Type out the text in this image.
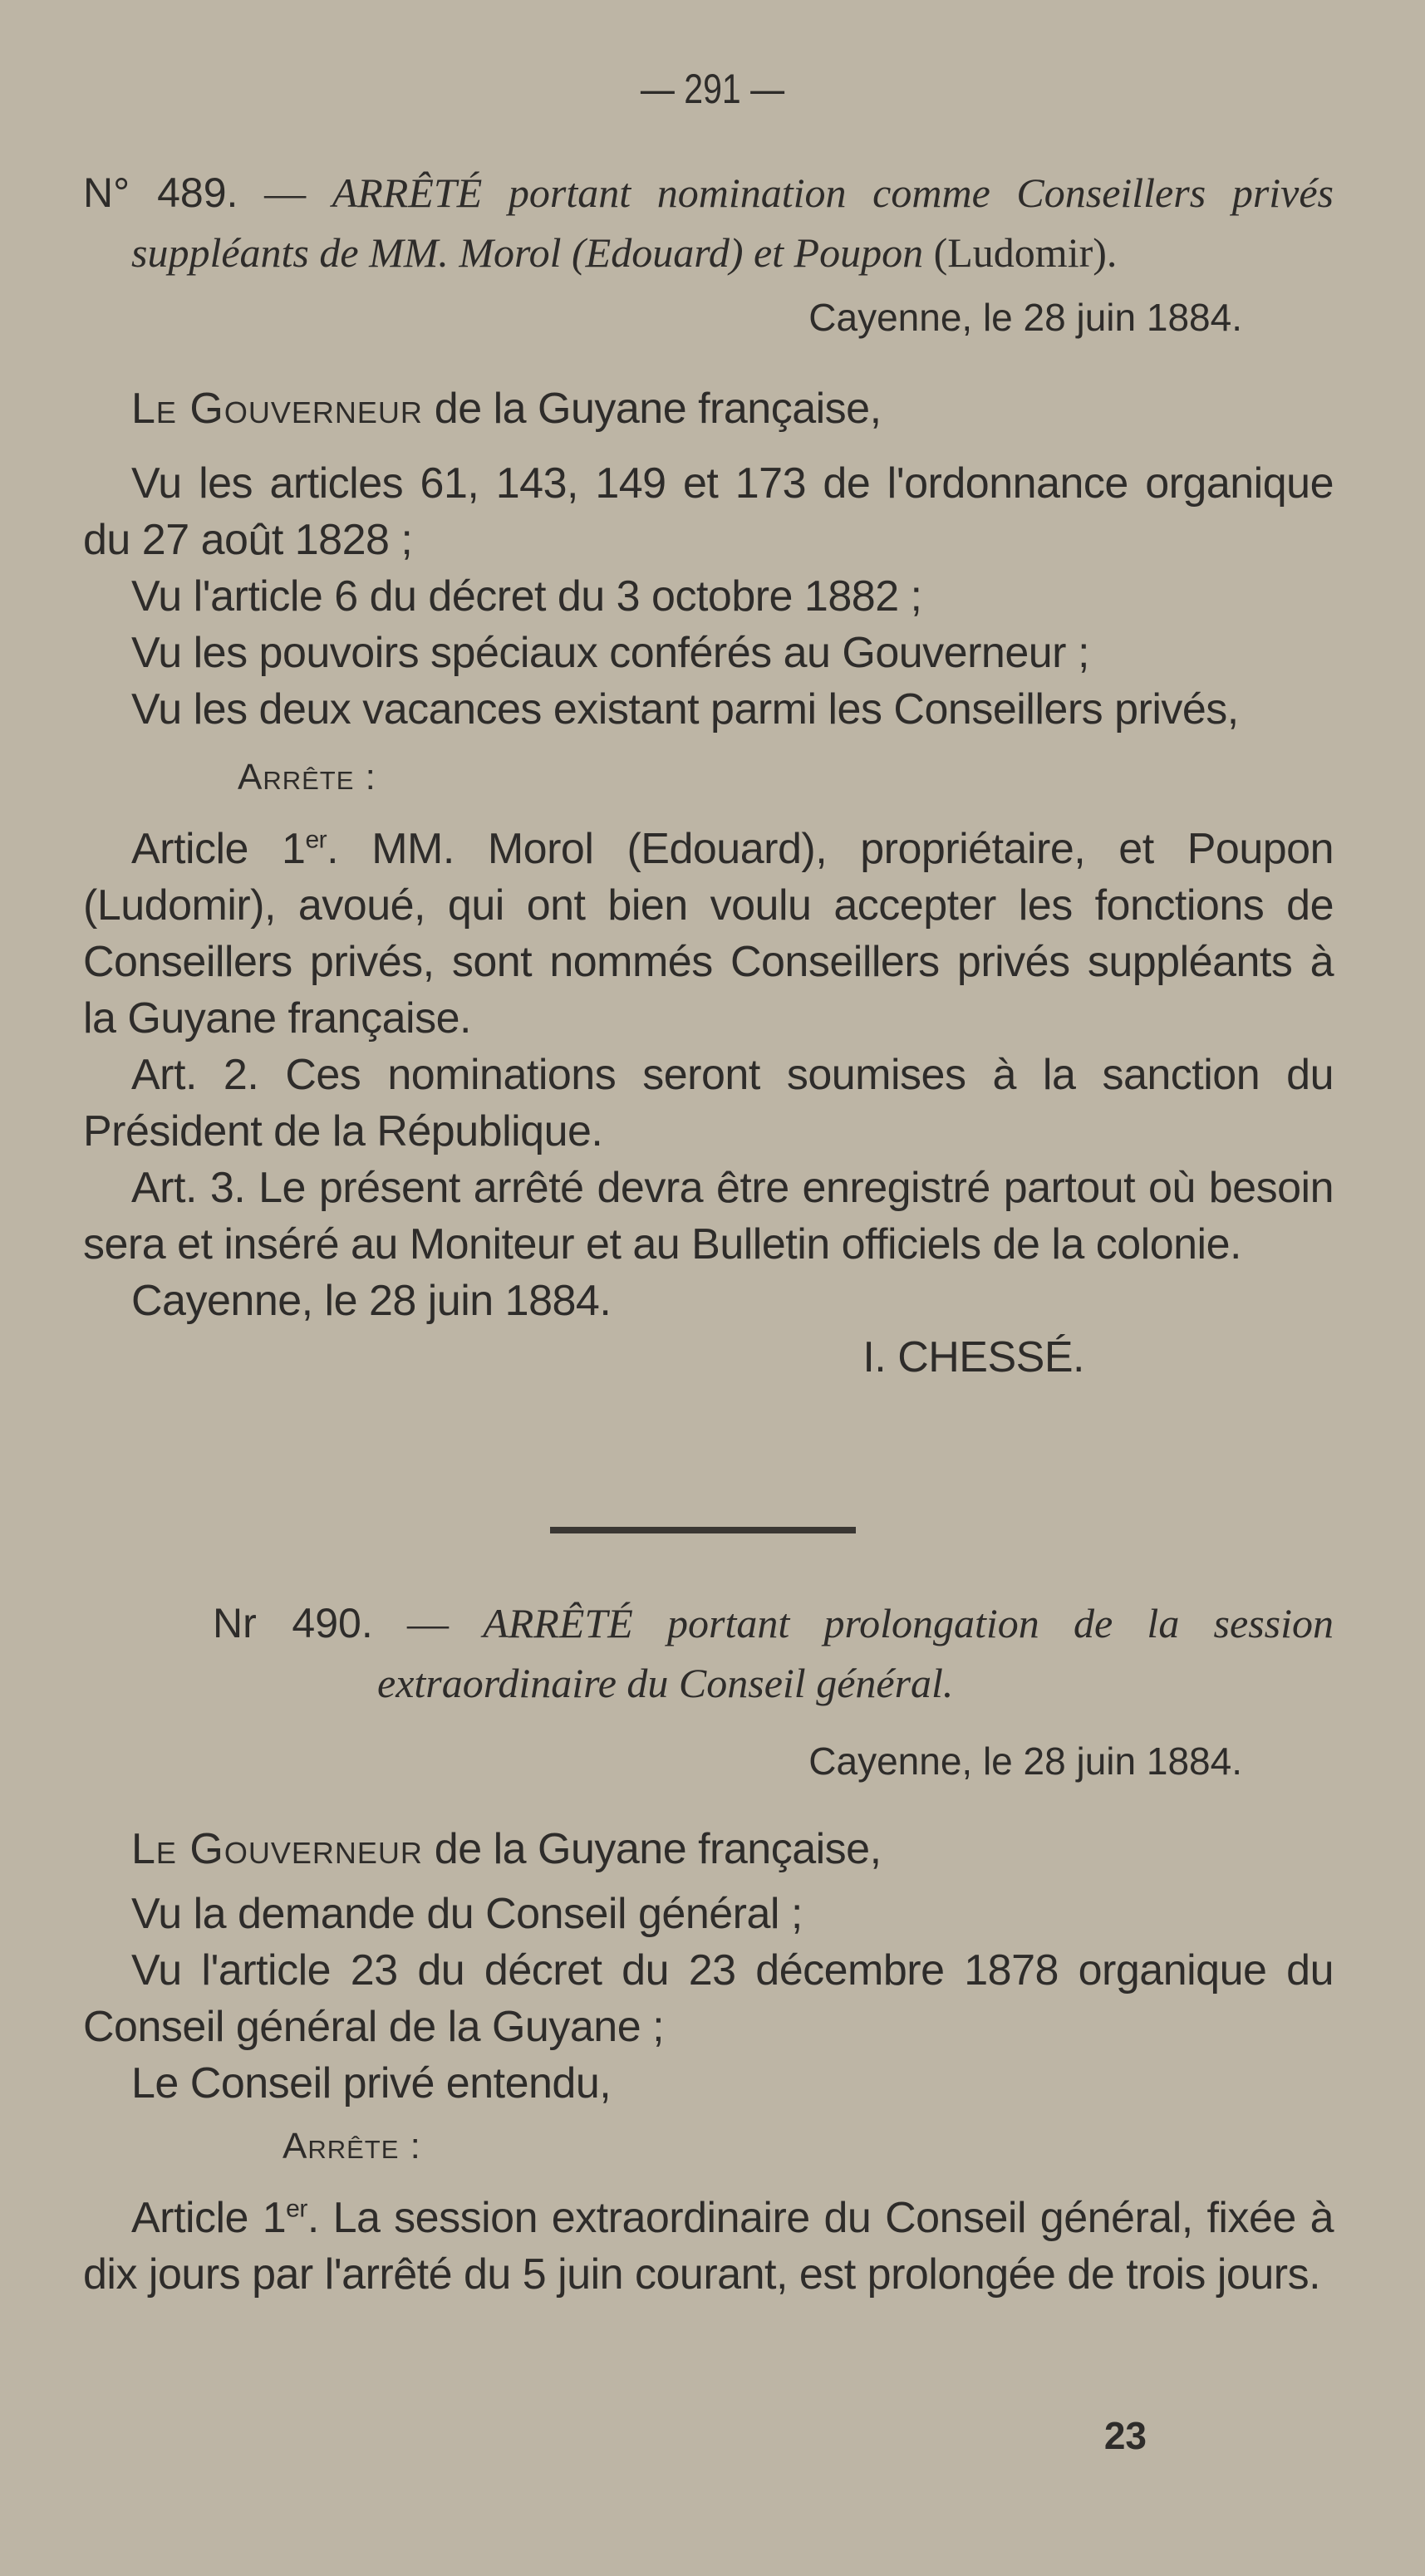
— 291 —
N° 489. — ARRÊTÉ portant nomination comme Conseillers privés suppléants de MM. Morol (Edouard) et Poupon (Ludomir).
Cayenne, le 28 juin 1884.

Le Gouverneur de la Guyane française,

Vu les articles 61, 143, 149 et 173 de l'ordonnance organique du 27 août 1828 ;

Vu l'article 6 du décret du 3 octobre 1882 ;

Vu les pouvoirs spéciaux conférés au Gouverneur ;

Vu les deux vacances existant parmi les Conseillers privés,

Arrête :

Article 1er. MM. Morol (Edouard), propriétaire, et Poupon (Ludomir), avoué, qui ont bien voulu accepter les fonctions de Conseillers privés, sont nommés Conseillers privés suppléants à la Guyane française.

Art. 2. Ces nominations seront soumises à la sanction du Président de la République.

Art. 3. Le présent arrêté devra être enregistré partout où besoin sera et inséré au Moniteur et au Bulletin officiels de la colonie.

Cayenne, le 28 juin 1884.

I. CHESSÉ.

Nr 490. — ARRÊTÉ portant prolongation de la session extraordinaire du Conseil général.
Cayenne, le 28 juin 1884.

Le Gouverneur de la Guyane française,

Vu la demande du Conseil général ;

Vu l'article 23 du décret du 23 décembre 1878 organique du Conseil général de la Guyane ;

Le Conseil privé entendu,

Arrête :

Article 1er. La session extraordinaire du Conseil général, fixée à dix jours par l'arrêté du 5 juin courant, est prolongée de trois jours.

23
